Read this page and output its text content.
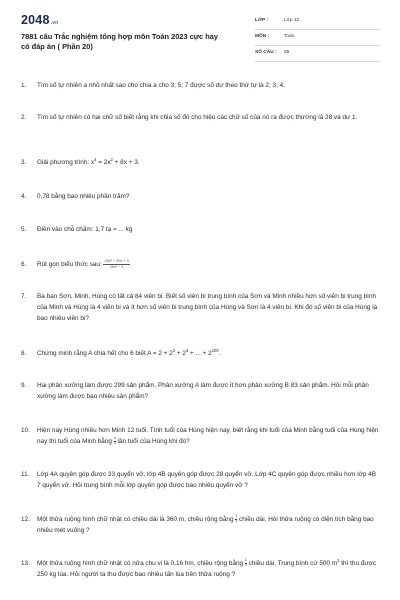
2048.vn
7881 câu Trắc nghiệm tổng hợp môn Toán 2023 cực hay có đáp án ( Phần 20)
LỚP :	Lớp 12
MÔN :	Toán
SỐ CÂU : 85
1. Tìm số tự nhiên a nhỏ nhất sao cho chia a cho 3; 5; 7 được số dư theo thứ tự là 2; 3; 4.
2. Tìm số tự nhiên có hai chữ số biết rằng khi chia số đó cho hiệu các chữ số của nó ra được thương là 28 và dư 1.
3. Giải phương trình: $x^4 = 2x^2 + 8x + 3$.
4. 0,78 bằng bao nhiêu phần trăm?
5. Điền vào chỗ chấm: 1,7 tạ = ... kg
6. Rút gọn biểu thức sau: $\frac{\text{25x² − 20x + 4}}{\text{25x² − 4}}$
7. Ba bạn Sơn, Minh, Hùng có tất cả 84 viên bi. Biết số viên bi trung bình của Sơn và Minh nhiều hơn số viên bi trung bình của Minh và Hùng là 4 viên bi và ít hơn số viên bi trung bình của Hùng và Sơn là 4 viên bi. Khi đó số viên bi của Hùng là bao nhiêu viên bi?
8. Chứng minh rằng A chia hết cho 6 biết $A = 2 + 2^2 + 2^3$ + ... + $2^{100}$.
9. Hai phân xưởng làm được 299 sản phẩm. Phân xưởng A làm được ít hơn phân xưởng B 83 sản phẩm. Hỏi mỗi phân xưởng làm được bao nhiêu sản phẩm?
10. Hiện nay Hùng nhiều hơn Minh 12 tuổi. Tính tuổi của Hùng hiện nay, biết rằng khi tuổi của Minh bằng tuổi của Hùng hiện nay thì tuổi của Minh bằng $\frac{4}{3}$ lần tuổi của Hùng khi đó?
11. Lớp 4A quyên góp được 33 quyển vở, lớp 4B quyên góp được 28 quyển vở. Lớp 4C quyên góp được nhiều hơn lớp 4B 7 quyển vở. Hỏi trung bình mỗi lớp quyên góp được bao nhiêu quyển vở ?
12. Một thửa ruộng hình chữ nhật có chiều dài là 360 m, chiều rộng bằng $\frac{1}{3}$ chiều dài. Hỏi thửa ruộng có diện tích bằng bao nhiêu mét vuông ?
13. Một thửa ruộng hình chữ nhật có nửa chu vi là 0,16 hm, chiều rộng bằng $\frac{1}{3}$ chiều dài. Trung bình cứ 500 $m^2$ thì thu được 250 kg lúa. Hỏi người ta thu được bao nhiêu tấn lúa trên thửa ruộng ?
